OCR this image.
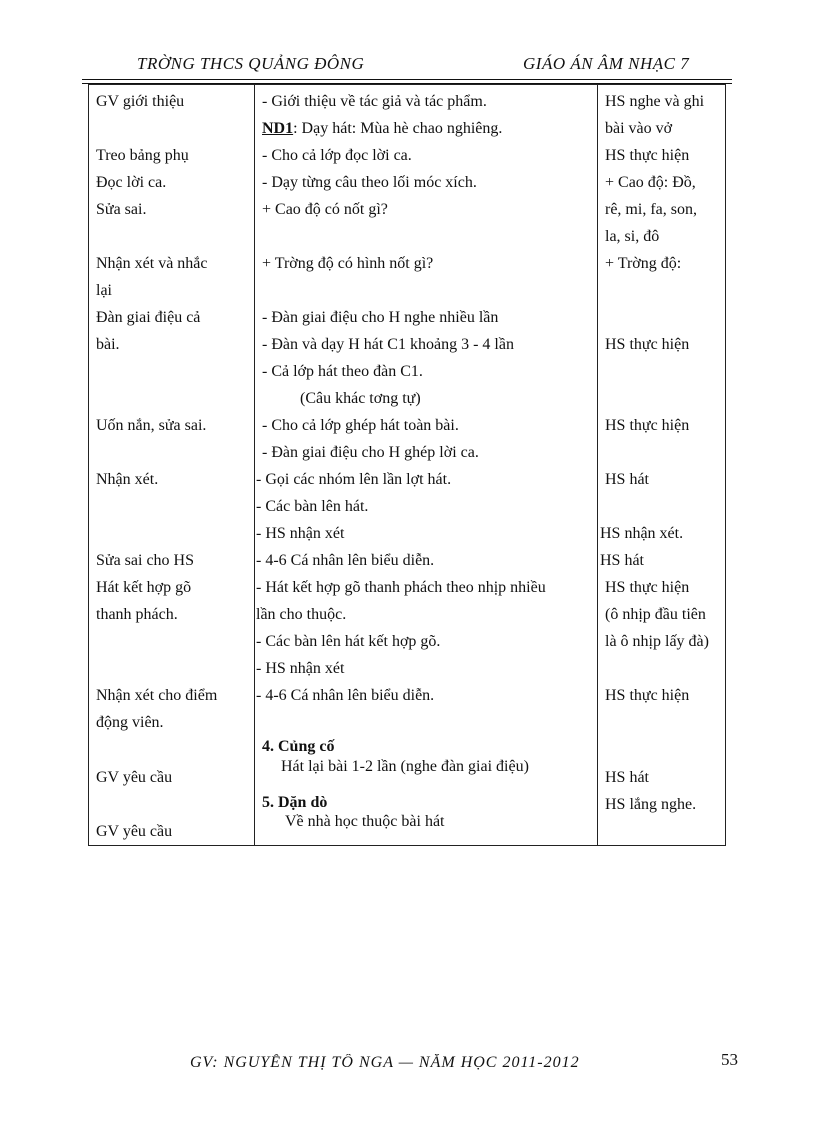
TRỜNG THCS QUẢNG ĐÔNG	GIÁO ÁN ÂM NHẠC 7
GV giới thiệu
Treo bảng phụ
Đọc lời ca.
Sửa sai.
Nhận xét và nhắc
lại
Đàn giai điệu cả
bài.
Uốn nắn, sửa sai.
Nhận xét.
Sửa sai cho HS
Hát kết hợp gõ
thanh phách.
Nhận xét cho điểm
động viên.
GV yêu cầu
GV yêu cầu
- Giới thiệu về tác giả và tác phẩm.
ND1: Dạy hát: Mùa hè chao nghiêng.
- Cho cả lớp đọc lời ca.
- Dạy từng câu theo lối móc xích.
+ Cao độ có nốt gì?
+ Trờng độ có hình nốt gì?
- Đàn giai điệu cho H nghe nhiều lần
- Đàn và dạy H hát C1 khoảng 3 - 4 lần
- Cả lớp hát theo đàn C1.
(Câu khác tơng tự)
- Cho cả lớp ghép hát toàn bài.
- Đàn giai điệu cho H ghép lời ca.
- Gọi các nhóm lên lần lợt hát.
- Các bàn lên hát.
- HS nhận xét
- 4-6 Cá nhân lên biểu diễn.
- Hát kết hợp gõ thanh phách theo nhịp nhiều
lần cho thuộc.
- Các bàn lên hát kết hợp gõ.
- HS nhận xét
- 4-6 Cá nhân lên biểu diễn.
4. Củng cố
Hát lại bài 1-2 lần (nghe đàn giai điệu)
5. Dặn dò
Về nhà học thuộc bài hát
HS nghe và ghi
bài vào vở
HS thực hiện
+ Cao độ: Đồ,
rê, mi, fa, son,
la, si, đô
+ Trờng độ:
HS thực hiện
HS thực hiện
HS hát
HS nhận xét.
HS hát
HS thực hiện
(ô nhịp đầu tiên
là ô nhịp lấy đà)
HS thực hiện
HS hát
HS lắng nghe.
GV: NGUYỄN THỊ TỐ NGA — NĂM HỌC 2011-2012	53
